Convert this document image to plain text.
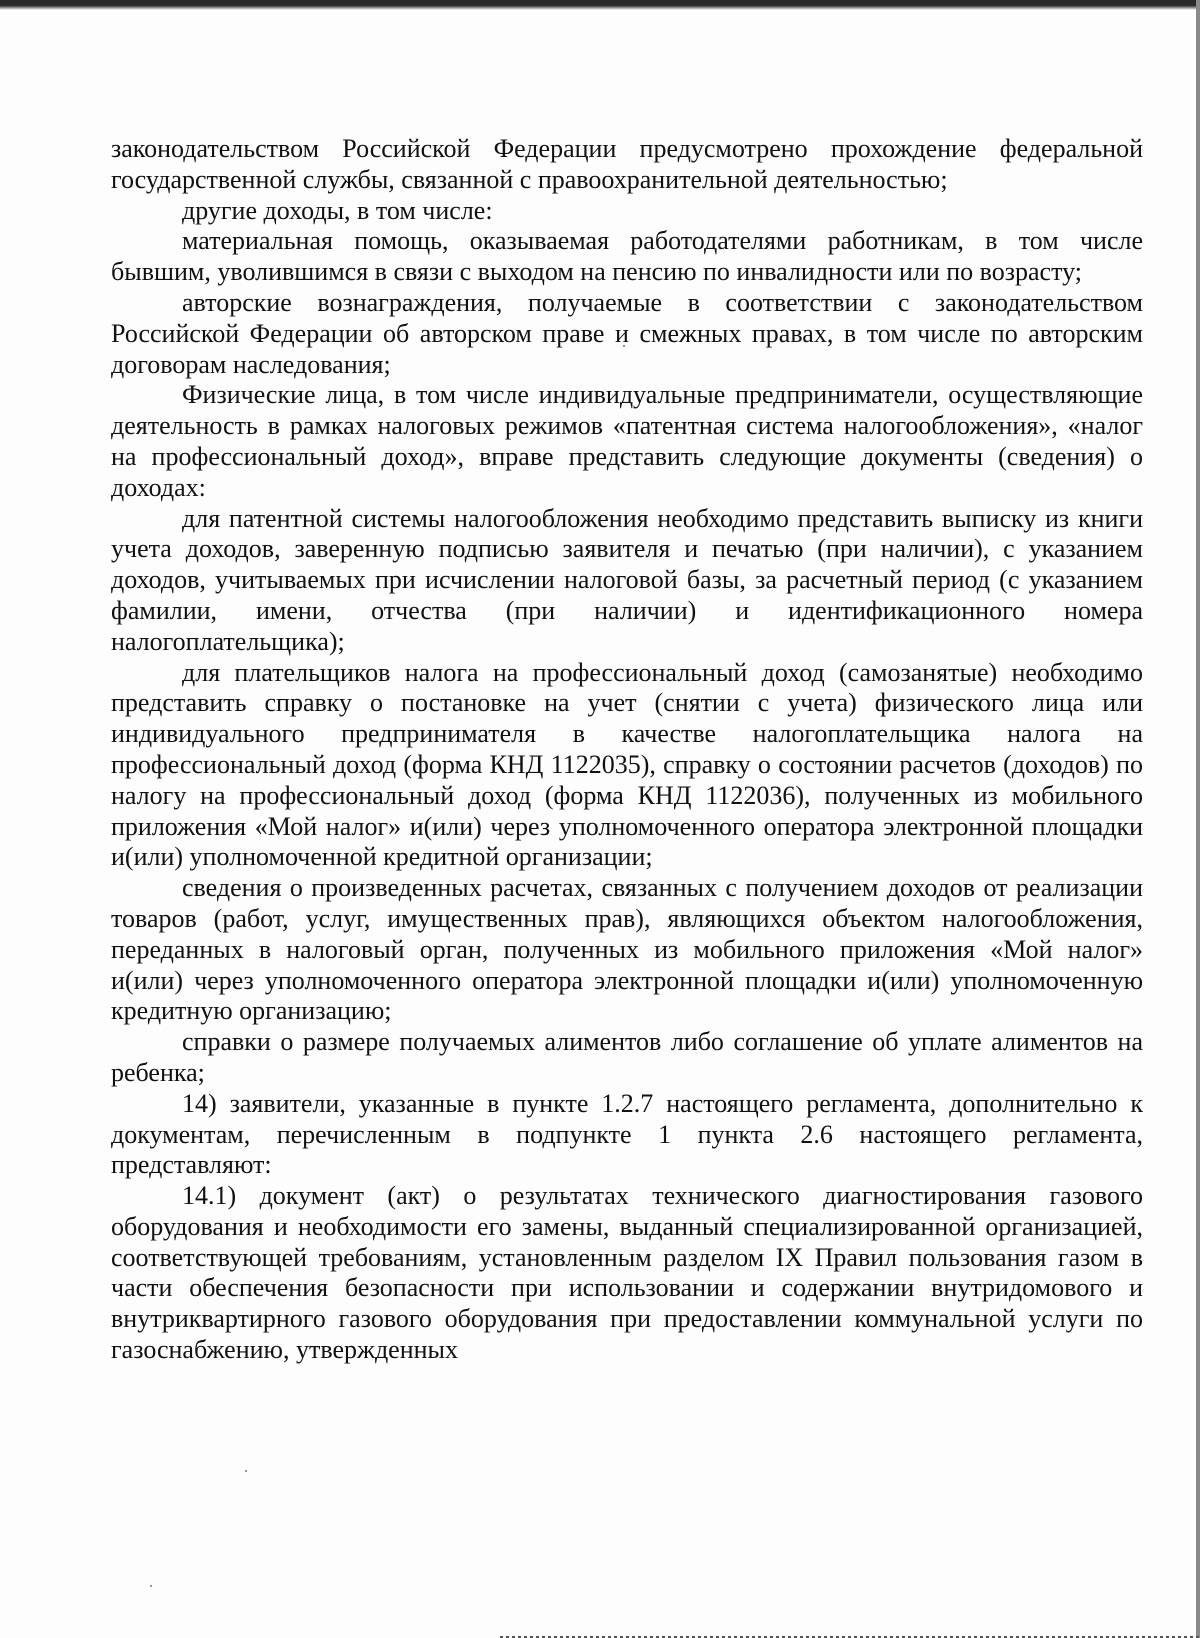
законодательством Российской Федерации предусмотрено прохождение федеральной государственной службы, связанной с правоохранительной деятельностью;

другие доходы, в том числе:

материальная помощь, оказываемая работодателями работникам, в том числе бывшим, уволившимся в связи с выходом на пенсию по инвалидности или по возрасту;

авторские вознаграждения, получаемые в соответствии с законодательством Российской Федерации об авторском праве и смежных правах, в том числе по авторским договорам наследования;

Физические лица, в том числе индивидуальные предприниматели, осуществляющие деятельность в рамках налоговых режимов «патентная система налогообложения», «налог на профессиональный доход», вправе представить следующие документы (сведения) о доходах:

для патентной системы налогообложения необходимо представить выписку из книги учета доходов, заверенную подписью заявителя и печатью (при наличии), с указанием доходов, учитываемых при исчислении налоговой базы, за расчетный период (с указанием фамилии, имени, отчества (при наличии) и идентификационного номера налогоплательщика);

для плательщиков налога на профессиональный доход (самозанятые) необходимо представить справку о постановке на учет (снятии с учета) физического лица или индивидуального предпринимателя в качестве налогоплательщика налога на профессиональный доход (форма КНД 1122035), справку о состоянии расчетов (доходов) по налогу на профессиональный доход (форма КНД 1122036), полученных из мобильного приложения «Мой налог» и(или) через уполномоченного оператора электронной площадки и(или) уполномоченной кредитной организации;

сведения о произведенных расчетах, связанных с получением доходов от реализации товаров (работ, услуг, имущественных прав), являющихся объектом налогообложения, переданных в налоговый орган, полученных из мобильного приложения «Мой налог» и(или) через уполномоченного оператора электронной площадки и(или) уполномоченную кредитную организацию;

справки о размере получаемых алиментов либо соглашение об уплате алиментов на ребенка;

14) заявители, указанные в пункте 1.2.7 настоящего регламента, дополнительно к документам, перечисленным в подпункте 1 пункта 2.6 настоящего регламента, представляют:

14.1) документ (акт) о результатах технического диагностирования газового оборудования и необходимости его замены, выданный специализированной организацией, соответствующей требованиям, установленным разделом IX Правил пользования газом в части обеспечения безопасности при использовании и содержании внутридомового и внутриквартирного газового оборудования при предоставлении коммунальной услуги по газоснабжению, утвержденных
